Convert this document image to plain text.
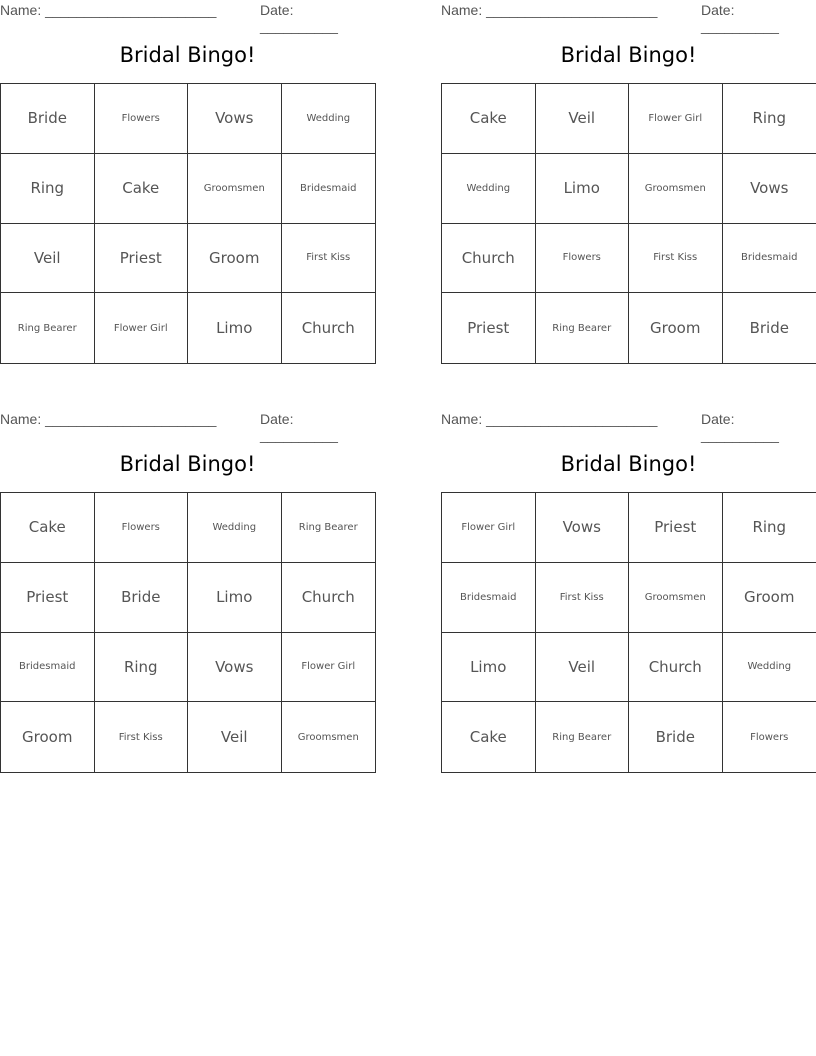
Name: ______________________	Date: __________
Bridal Bingo!
Bride	Flowers	Vows	Wedding
Ring	Cake	Groomsmen	Bridesmaid
Veil	Priest	Groom	First Kiss
Ring Bearer	Flower Girl	Limo	Church
Name: ______________________	Date: __________
Bridal Bingo!
Cake	Veil	Flower Girl	Ring
Wedding	Limo	Groomsmen	Vows
Church	Flowers	First Kiss	Bridesmaid
Priest	Ring Bearer	Groom	Bride
Name: ______________________	Date: __________
Bridal Bingo!
Cake	Flowers	Wedding	Ring Bearer
Priest	Bride	Limo	Church
Bridesmaid	Ring	Vows	Flower Girl
Groom	First Kiss	Veil	Groomsmen
Name: ______________________	Date: __________
Bridal Bingo!
Flower Girl	Vows	Priest	Ring
Bridesmaid	First Kiss	Groomsmen	Groom
Limo	Veil	Church	Wedding
Cake	Ring Bearer	Bride	Flowers
